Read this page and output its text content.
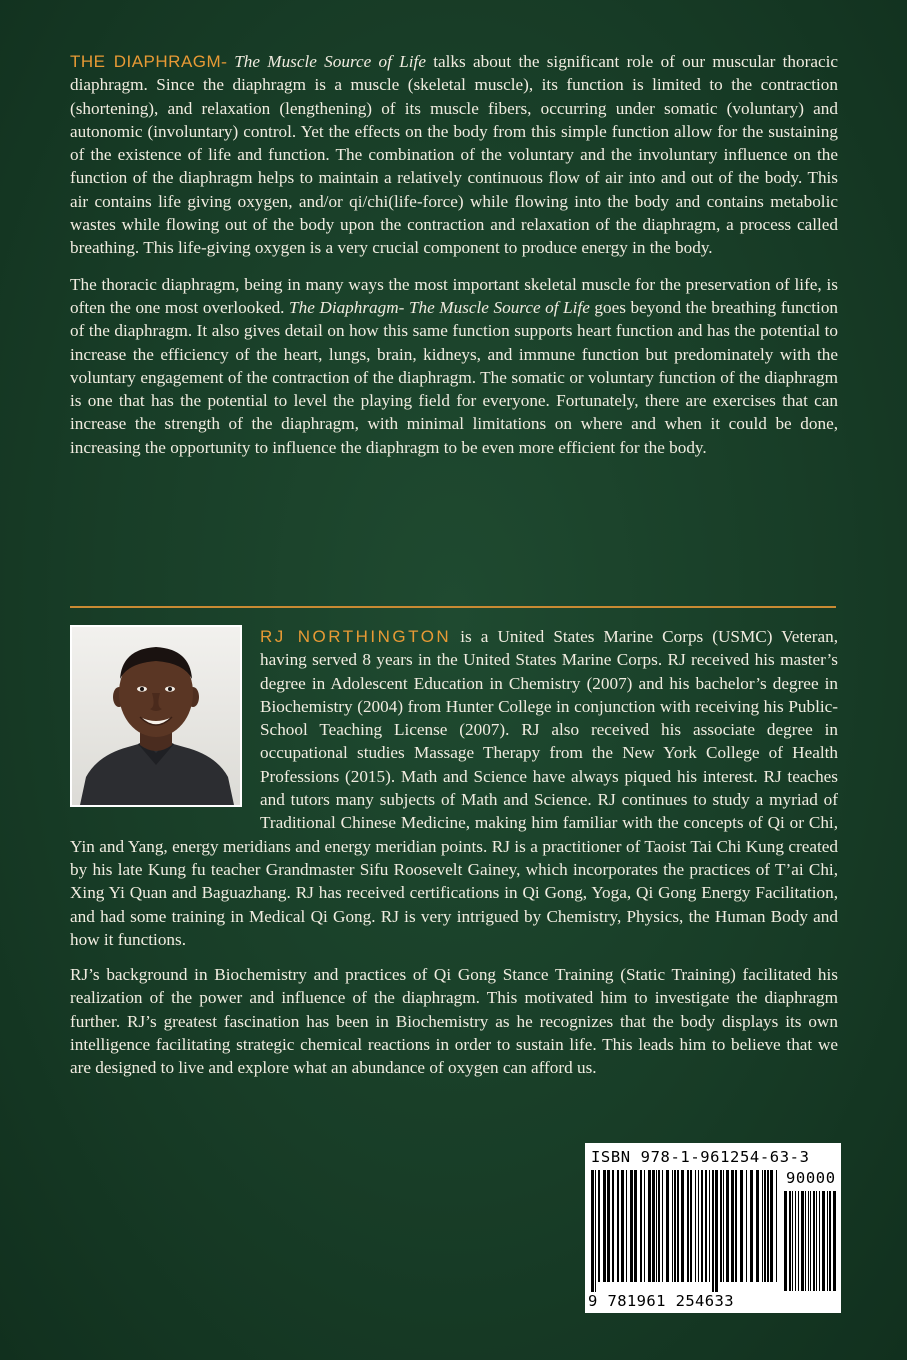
THE DIAPHRAGM- The Muscle Source of Life talks about the significant role of our muscular thoracic diaphragm. Since the diaphragm is a muscle (skeletal muscle), its function is limited to the contraction (shortening), and relaxation (lengthening) of its muscle fibers, occurring under somatic (voluntary) and autonomic (involuntary) control. Yet the effects on the body from this simple function allow for the sustaining of the existence of life and function. The combination of the voluntary and the involuntary influence on the function of the diaphragm helps to maintain a relatively continuous flow of air into and out of the body. This air contains life giving oxygen, and/or qi/chi(life-force) while flowing into the body and contains metabolic wastes while flowing out of the body upon the contraction and relaxation of the diaphragm, a process called breathing. This life-giving oxygen is a very crucial component to produce energy in the body.

The thoracic diaphragm, being in many ways the most important skeletal muscle for the preservation of life, is often the one most overlooked. The Diaphragm- The Muscle Source of Life goes beyond the breathing function of the diaphragm. It also gives detail on how this same function supports heart function and has the potential to increase the efficiency of the heart, lungs, brain, kidneys, and immune function but predominately with the voluntary engagement of the contraction of the diaphragm. The somatic or voluntary function of the diaphragm is one that has the potential to level the playing field for everyone. Fortunately, there are exercises that can increase the strength of the diaphragm, with minimal limitations on where and when it could be done, increasing the opportunity to influence the diaphragm to be even more efficient for the body.

RJ NORTHINGTON is a United States Marine Corps (USMC) Veteran, having served 8 years in the United States Marine Corps. RJ received his master’s degree in Adolescent Education in Chemistry (2007) and his bachelor’s degree in Biochemistry (2004) from Hunter College in conjunction with receiving his Public-School Teaching License (2007). RJ also received his associate degree in occupational studies Massage Therapy from the New York College of Health Professions (2015). Math and Science have always piqued his interest. RJ teaches and tutors many subjects of Math and Science. RJ continues to study a myriad of Traditional Chinese Medicine, making him familiar with the concepts of Qi or Chi, Yin and Yang, energy meridians and energy meridian points. RJ is a practitioner of Taoist Tai Chi Kung created by his late Kung fu teacher Grandmaster Sifu Roosevelt Gainey, which incorporates the practices of T’ai Chi, Xing Yi Quan and Baguazhang. RJ has received certifications in Qi Gong, Yoga, Qi Gong Energy Facilitation, and had some training in Medical Qi Gong. RJ is very intrigued by Chemistry, Physics, the Human Body and how it functions.

RJ’s background in Biochemistry and practices of Qi Gong Stance Training (Static Training) facilitated his realization of the power and influence of the diaphragm. This motivated him to investigate the diaphragm further. RJ’s greatest fascination has been in Biochemistry as he recognizes that the body displays its own intelligence facilitating strategic chemical reactions in order to sustain life. This leads him to believe that we are designed to live and explore what an abundance of oxygen can afford us.

ISBN 978-1-961254-63-3
90000
9 781961 254633
